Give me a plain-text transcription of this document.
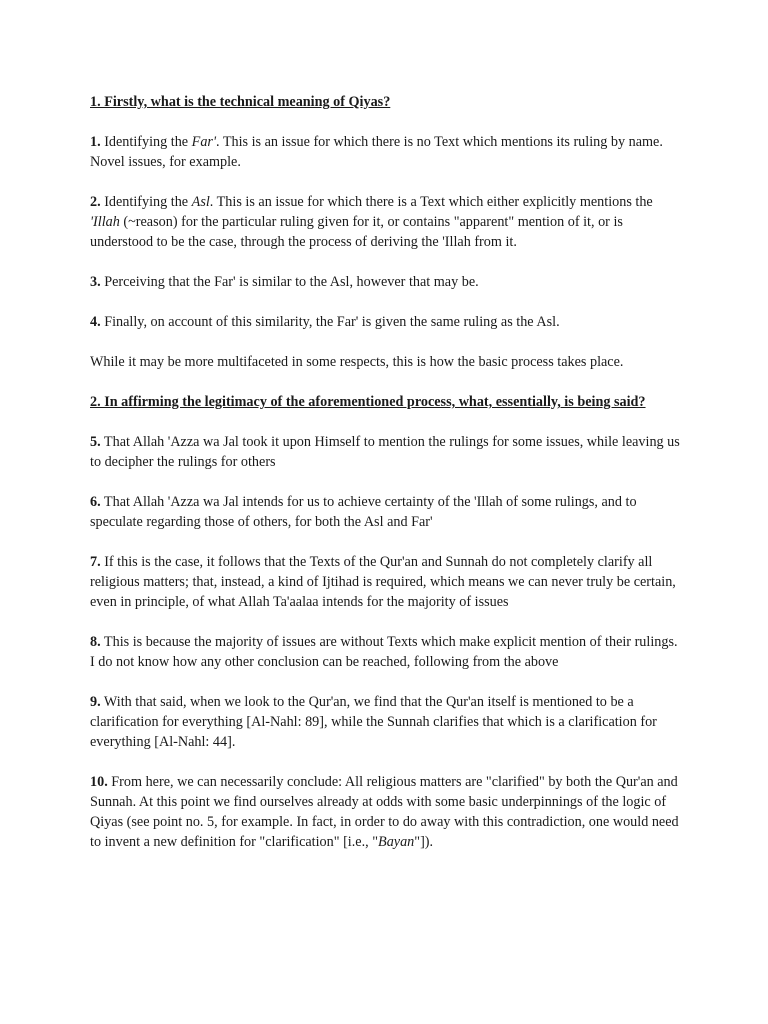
1. Firstly, what is the technical meaning of Qiyas?

1. Identifying the Far'. This is an issue for which there is no Text which mentions its ruling by name. Novel issues, for example.

2. Identifying the Asl. This is an issue for which there is a Text which either explicitly mentions the 'Illah (~reason) for the particular ruling given for it, or contains "apparent" mention of it, or is understood to be the case, through the process of deriving the 'Illah from it.

3. Perceiving that the Far' is similar to the Asl, however that may be.

4. Finally, on account of this similarity, the Far' is given the same ruling as the Asl.

While it may be more multifaceted in some respects, this is how the basic process takes place.

2. In affirming the legitimacy of the aforementioned process, what, essentially, is being said?

5. That Allah 'Azza wa Jal took it upon Himself to mention the rulings for some issues, while leaving us to decipher the rulings for others

6. That Allah 'Azza wa Jal intends for us to achieve certainty of the 'Illah of some rulings, and to speculate regarding those of others, for both the Asl and Far'

7. If this is the case, it follows that the Texts of the Qur'an and Sunnah do not completely clarify all religious matters; that, instead, a kind of Ijtihad is required, which means we can never truly be certain, even in principle, of what Allah Ta'aalaa intends for the majority of issues

8. This is because the majority of issues are without Texts which make explicit mention of their rulings. I do not know how any other conclusion can be reached, following from the above

9. With that said, when we look to the Qur'an, we find that the Qur'an itself is mentioned to be a clarification for everything [Al-Nahl: 89], while the Sunnah clarifies that which is a clarification for everything [Al-Nahl: 44].

10. From here, we can necessarily conclude: All religious matters are "clarified" by both the Qur'an and Sunnah. At this point we find ourselves already at odds with some basic underpinnings of the logic of Qiyas (see point no. 5, for example. In fact, in order to do away with this contradiction, one would need to invent a new definition for "clarification" [i.e., "Bayan"]).
